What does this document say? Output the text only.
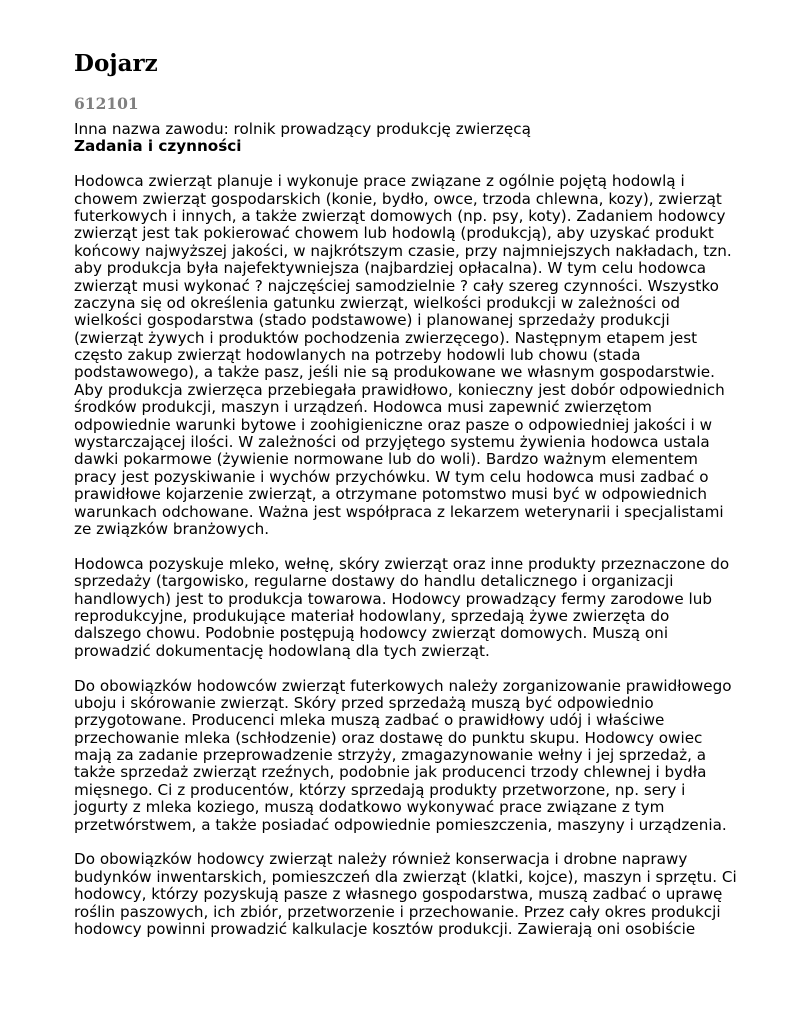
Dojarz
612101
Inna nazwa zawodu: rolnik prowadzący produkcję zwierzęcą
Zadania i czynności
Hodowca zwierząt planuje i wykonuje prace związane z ogólnie pojętą hodowlą i
chowem zwierząt gospodarskich (konie, bydło, owce, trzoda chlewna, kozy), zwierząt
futerkowych i innych, a także zwierząt domowych (np. psy, koty). Zadaniem hodowcy
zwierząt jest tak pokierować chowem lub hodowlą (produkcją), aby uzyskać produkt
końcowy najwyższej jakości, w najkrótszym czasie, przy najmniejszych nakładach, tzn.
aby produkcja była najefektywniejsza (najbardziej opłacalna). W tym celu hodowca
zwierząt musi wykonać ? najczęściej samodzielnie ? cały szereg czynności. Wszystko
zaczyna się od określenia gatunku zwierząt, wielkości produkcji w zależności od
wielkości gospodarstwa (stado podstawowe) i planowanej sprzedaży produkcji
(zwierząt żywych i produktów pochodzenia zwierzęcego). Następnym etapem jest
często zakup zwierząt hodowlanych na potrzeby hodowli lub chowu (stada
podstawowego), a także pasz, jeśli nie są produkowane we własnym gospodarstwie.
Aby produkcja zwierzęca przebiegała prawidłowo, konieczny jest dobór odpowiednich
środków produkcji, maszyn i urządzeń. Hodowca musi zapewnić zwierzętom
odpowiednie warunki bytowe i zoohigieniczne oraz pasze o odpowiedniej jakości i w
wystarczającej ilości. W zależności od przyjętego systemu żywienia hodowca ustala
dawki pokarmowe (żywienie normowane lub do woli). Bardzo ważnym elementem
pracy jest pozyskiwanie i wychów przychówku. W tym celu hodowca musi zadbać o
prawidłowe kojarzenie zwierząt, a otrzymane potomstwo musi być w odpowiednich
warunkach odchowane. Ważna jest współpraca z lekarzem weterynarii i specjalistami
ze związków branżowych.
Hodowca pozyskuje mleko, wełnę, skóry zwierząt oraz inne produkty przeznaczone do
sprzedaży (targowisko, regularne dostawy do handlu detalicznego i organizacji
handlowych) jest to produkcja towarowa. Hodowcy prowadzący fermy zarodowe lub
reprodukcyjne, produkujące materiał hodowlany, sprzedają żywe zwierzęta do
dalszego chowu. Podobnie postępują hodowcy zwierząt domowych. Muszą oni
prowadzić dokumentację hodowlaną dla tych zwierząt.
Do obowiązków hodowców zwierząt futerkowych należy zorganizowanie prawidłowego
uboju i skórowanie zwierząt. Skóry przed sprzedażą muszą być odpowiednio
przygotowane. Producenci mleka muszą zadbać o prawidłowy udój i właściwe
przechowanie mleka (schłodzenie) oraz dostawę do punktu skupu. Hodowcy owiec
mają za zadanie przeprowadzenie strzyży, zmagazynowanie wełny i jej sprzedaż, a
także sprzedaż zwierząt rzeźnych, podobnie jak producenci trzody chlewnej i bydła
mięsnego. Ci z producentów, którzy sprzedają produkty przetworzone, np. sery i
jogurty z mleka koziego, muszą dodatkowo wykonywać prace związane z tym
przetwórstwem, a także posiadać odpowiednie pomieszczenia, maszyny i urządzenia.
Do obowiązków hodowcy zwierząt należy również konserwacja i drobne naprawy
budynków inwentarskich, pomieszczeń dla zwierząt (klatki, kojce), maszyn i sprzętu. Ci
hodowcy, którzy pozyskują pasze z własnego gospodarstwa, muszą zadbać o uprawę
roślin paszowych, ich zbiór, przetworzenie i przechowanie. Przez cały okres produkcji
hodowcy powinni prowadzić kalkulacje kosztów produkcji. Zawierają oni osobiście
